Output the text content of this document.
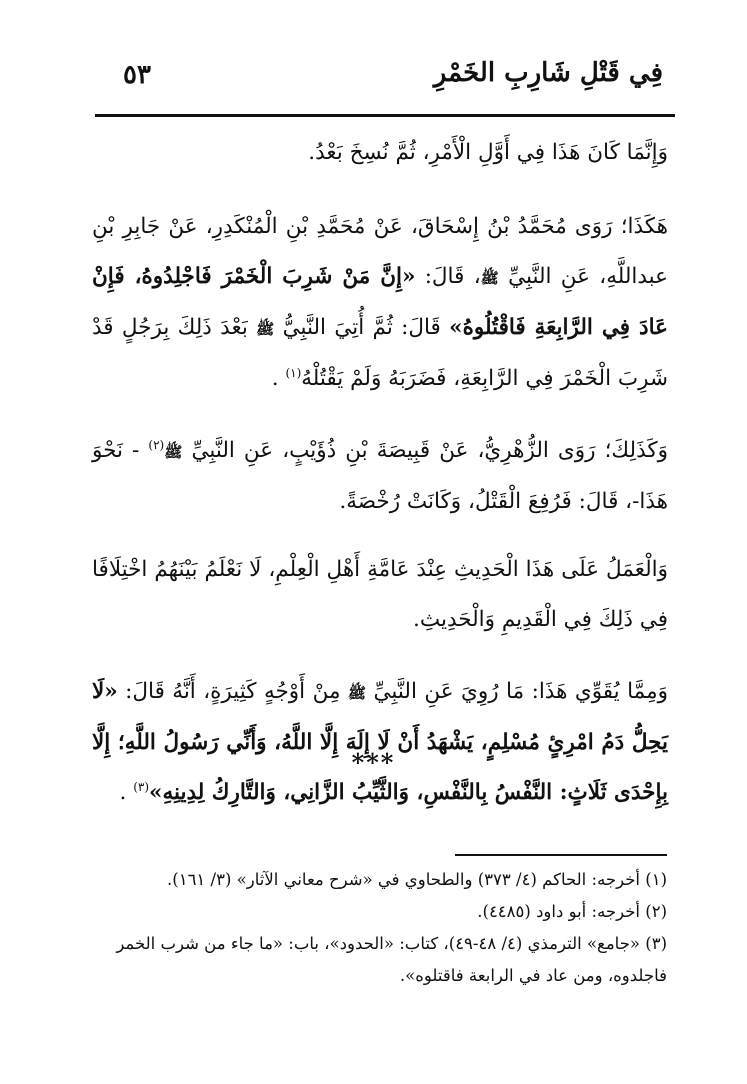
فِي قَتْلِ شَارِبِ الخَمْرِ
٥٣

وَإِنَّمَا كَانَ هَذَا فِي أَوَّلِ الْأَمْرِ، ثُمَّ نُسِخَ بَعْدُ.

هَكَذَا؛ رَوَى مُحَمَّدُ بْنُ إِسْحَاقَ، عَنْ مُحَمَّدِ بْنِ الْمُنْكَدِرِ، عَنْ جَابِرِ بْنِ عبداللَّهِ، عَنِ النَّبِيِّ ﷺ، قَالَ: «إِنَّ مَنْ شَرِبَ الْخَمْرَ فَاجْلِدُوهُ، فَإِنْ عَادَ فِي الرَّابِعَةِ فَاقْتُلُوهُ» قَالَ: ثُمَّ أُتِيَ النَّبِيُّ ﷺ بَعْدَ ذَلِكَ بِرَجُلٍ قَدْ شَرِبَ الْخَمْرَ فِي الرَّابِعَةِ، فَضَرَبَهُ وَلَمْ يَقْتُلْهُ$^{(١)}$ .

وَكَذَلِكَ؛ رَوَى الزُّهْرِيُّ، عَنْ قَبِيصَةَ بْنِ ذُؤَيْبٍ، عَنِ النَّبِيِّ ﷺ$^{(٢)}$ - نَحْوَ هَذَا-، قَالَ: فَرُفِعَ الْقَتْلُ، وَكَانَتْ رُخْصَةً.

وَالْعَمَلُ عَلَى هَذَا الْحَدِيثِ عِنْدَ عَامَّةِ أَهْلِ الْعِلْمِ، لَا نَعْلَمُ بَيْنَهُمُ اخْتِلَافًا فِي ذَلِكَ فِي الْقَدِيمِ وَالْحَدِيثِ.

وَمِمَّا يُقَوِّي هَذَا: مَا رُوِيَ عَنِ النَّبِيِّ ﷺ مِنْ أَوْجُهٍ كَثِيرَةٍ، أَنَّهُ قَالَ: «لَا يَحِلُّ دَمُ امْرِئٍ مُسْلِمٍ، يَشْهَدُ أَنْ لَا إِلَهَ إِلَّا اللَّهُ، وَأَنِّي رَسُولُ اللَّهِ؛ إِلَّا بِإِحْدَى ثَلَاثٍ: النَّفْسُ بِالنَّفْسِ، وَالثَّيِّبُ الزَّانِي، وَالتَّارِكُ لِدِينِهِ»$^{(٣)}$ .

***

(١) أخرجه: الحاكم (٤/ ٣٧٣) والطحاوي في «شرح معاني الآثار» (٣/ ١٦١).

(٢) أخرجه: أبو داود (٤٤٨٥).

(٣) «جامع» الترمذي (٤/ ٤٨-٤٩)، كتاب: «الحدود»، باب: «ما جاء من شرب الخمر فاجلدوه، ومن عاد في الرابعة فاقتلوه».
